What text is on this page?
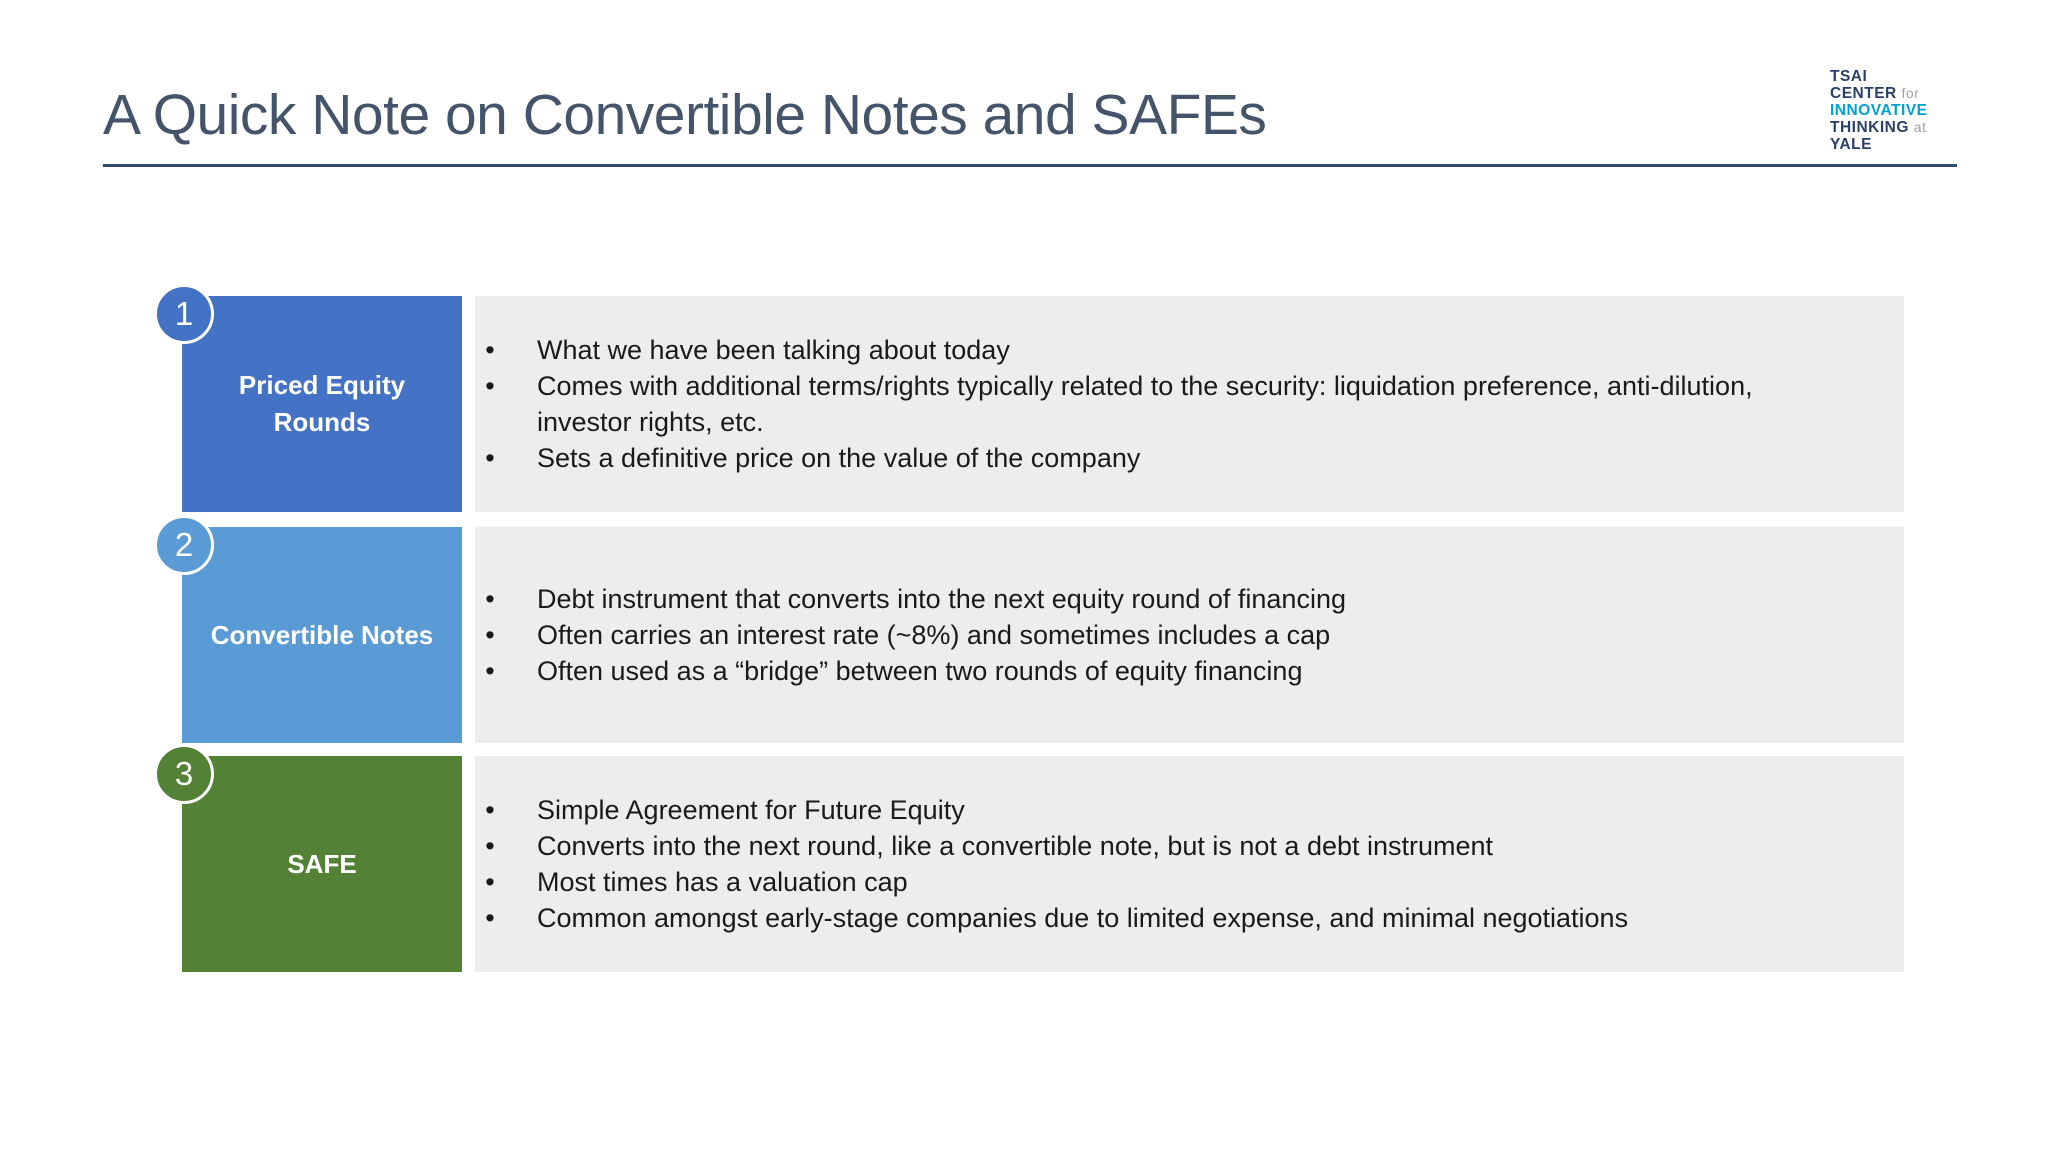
A Quick Note on Convertible Notes and SAFEs
TSAI
CENTER for
INNOVATIVE
THINKING at
YALE
Priced Equity
Rounds
1
•	What we have been talking about today
•	Comes with additional terms/rights typically related to the security: liquidation preference, anti-dilution,
investor rights, etc.
•	Sets a definitive price on the value of the company
Convertible Notes
2
•	Debt instrument that converts into the next equity round of financing
•	Often carries an interest rate (~8%) and sometimes includes a cap
•	Often used as a “bridge” between two rounds of equity financing
SAFE
3
•	Simple Agreement for Future Equity
•	Converts into the next round, like a convertible note, but is not a debt instrument
•	Most times has a valuation cap
•	Common amongst early-stage companies due to limited expense, and minimal negotiations
